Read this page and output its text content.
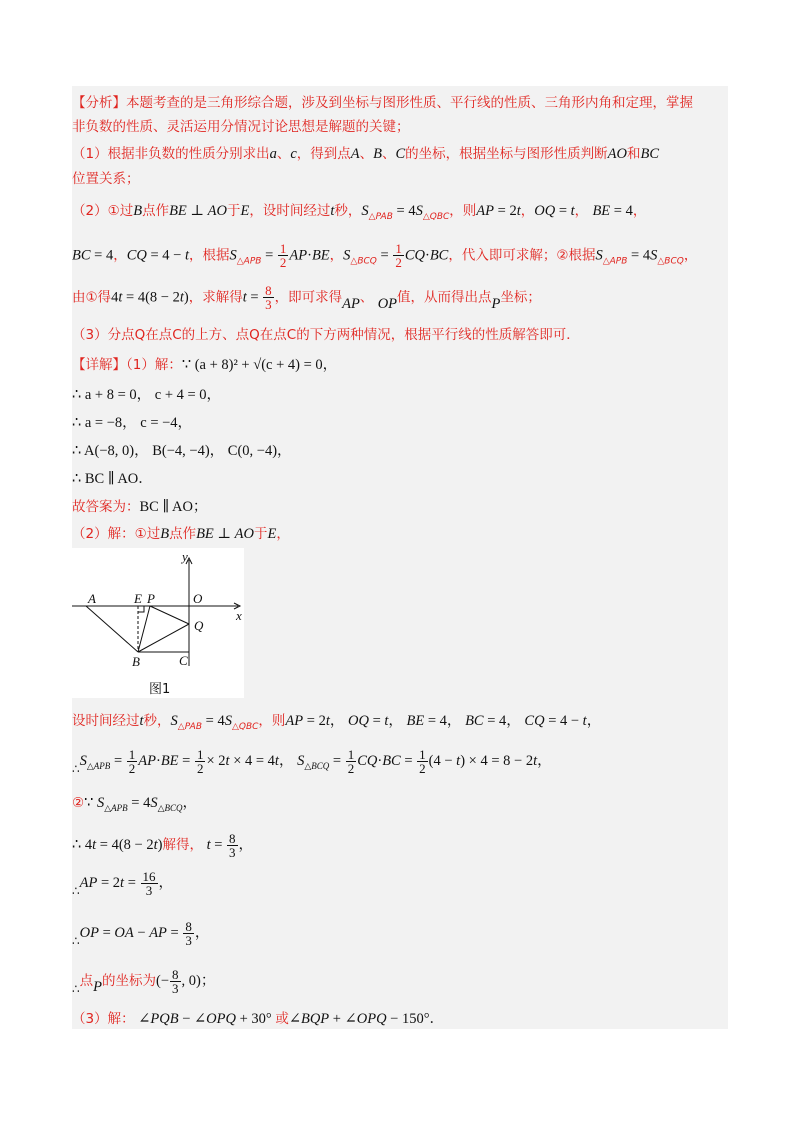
【分析】本题考查的是三角形综合题，涉及到坐标与图形性质、平行线的性质、三角形内角和定理，掌握
非负数的性质、灵活运用分情况讨论思想是解题的关键；
（1）根据非负数的性质分别求出a、c，得到点A、B、C的坐标，根据坐标与图形性质判断AO和BC
位置关系；
（2）①过B点作BE ⊥ AO于E，设时间经过t秒，$S_{\triangle PAB} = 4S_{\triangle QBC}$，则AP = 2t，OQ = t， BE = 4，
BC = 4，CQ = 4 − t，根据$S_{\triangle APB} = \frac{1}{2} AP\cdot BE$，$S_{\triangle BCQ} = \frac{1}{2} CQ\cdot BC$，代入即可求解；②根据$S_{\triangle APB} = 4S_{\triangle BCQ}$，
由①得4t = 4(8 − 2t)，求解得$t = \frac{8}{3}$ ，即可求得AP、 OP值，从而得出点P坐标；
（3）分点Q在点C的上方、点Q在点C的下方两种情况，根据平行线的性质解答即可．
【详解】（1）解：∵ (a + 8)² + √(c + 4) = 0，
∴ a + 8 = 0， c + 4 = 0，
∴ a = −8， c = −4，
∴ A(−8, 0)， B(−4, −4)， C(0, −4)，
∴ BC ∥ AO．
故答案为：BC ∥ AO；
（2）解：①过B点作BE ⊥ AO于E，
y
A	E P	O
x
Q
B	C
图1
设时间经过t秒，$S_{\triangle PAB} = 4S_{\triangle QBC}$，则AP = 2t， OQ = t， BE = 4， BC = 4， CQ = 4 − t，
$_\therefore S_{\triangle APB} = \frac{1}{2} AP\cdot BE = \frac{1}{2} \times 2t \times 4 = 4t$， $S_{\triangle BCQ} = \frac{1}{2} CQ\cdot BC = \frac{1}{2} (4 - t) \times 4 = 8 - 2t$，
②∵ $S_{\triangle APB} = 4S_{\triangle BCQ}$，
∴ 4t = 4(8 − 2t)解得， $t = \frac{8}{3}$ ，
$_\therefore AP = 2t = \frac{16}{3}$ ，
$_\therefore$OP = OA − AP = $\frac{8}{3}$ ，
$_\therefore$点P的坐标为(− $\frac{8}{3}$ , 0)；
（3）解： ∠PQB − ∠OPQ + 30° 或∠BQP + ∠OPQ − 150°．
